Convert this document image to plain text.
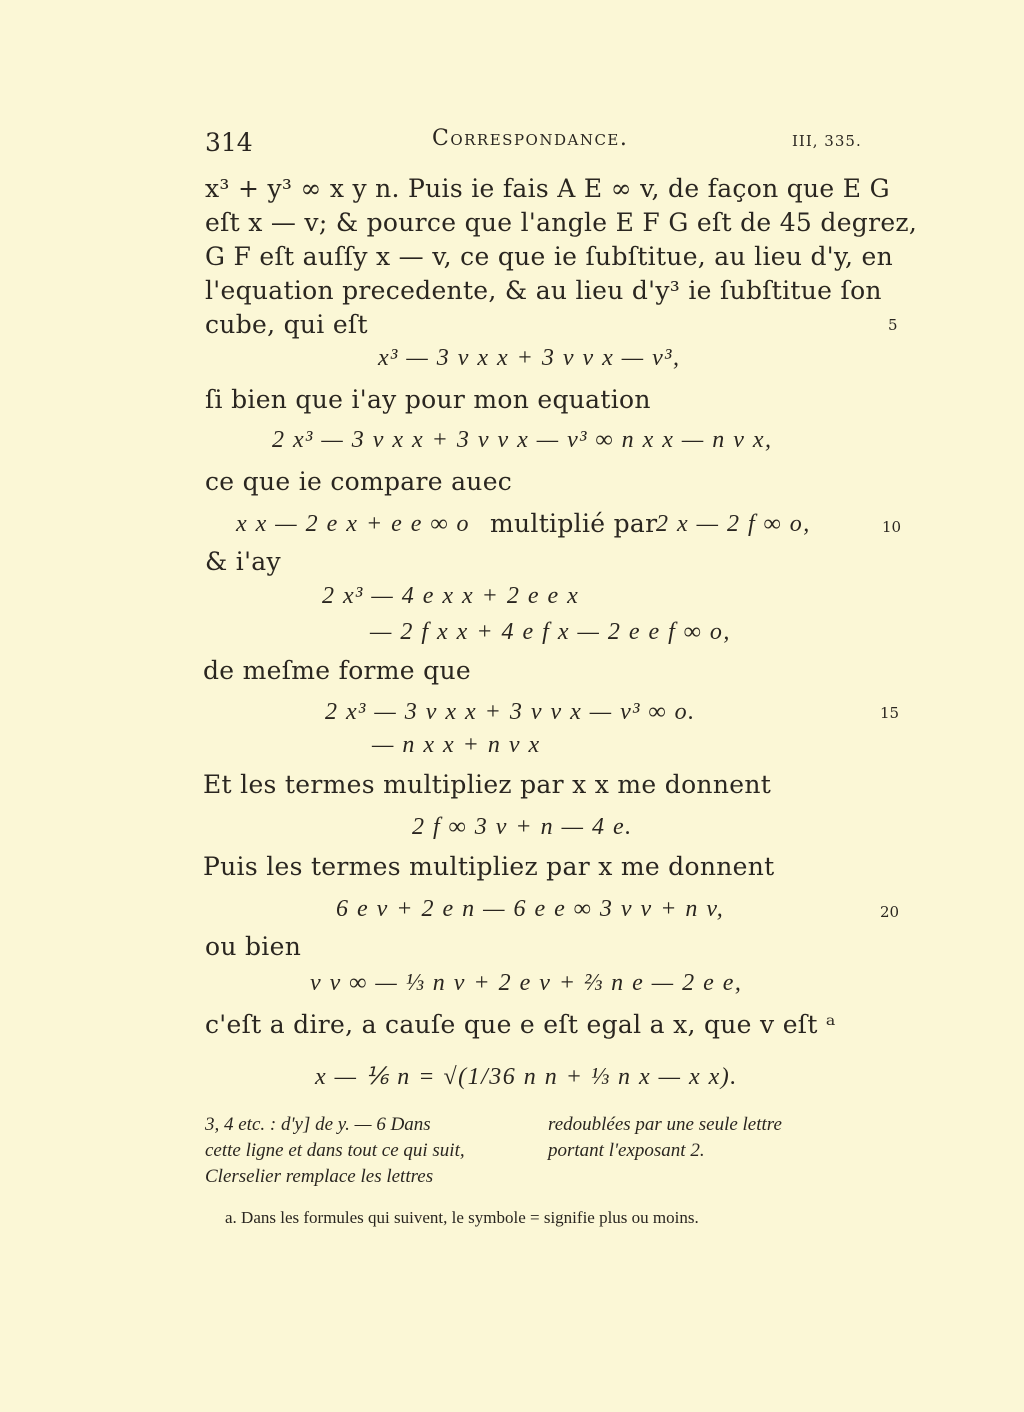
314	Correspondance.	III, 335.
x³ + y³ ∞ x y n. Puis ie fais A E ∞ v, de façon que E G
eſt x — v; & pource que l'angle E F G eſt de 45 degrez,
G F eſt auſſy x — v, ce que ie ſubſtitue, au lieu d'y, en
l'equation precedente, & au lieu d'y³ ie ſubſtitue ſon
cube, qui eſt	5
x³ — 3 v x x + 3 v v x — v³,
ſi bien que i'ay pour mon equation
2 x³ — 3 v x x + 3 v v x — v³ ∞ n x x — n v x,
ce que ie compare auec
x x — 2 e x + e e ∞ o multiplié par
2 x — 2 f ∞ o,	10
& i'ay
2 x³ — 4 e x x + 2 e e x
— 2 f x x + 4 e f x — 2 e e f ∞ o,
de meſme forme que
2 x³ — 3 v x x + 3 v v x — v³ ∞ o.	15
— n x x + n v x
Et les termes multipliez par x x me donnent
2 f ∞ 3 v + n — 4 e.
Puis les termes multipliez par x me donnent
6 e v + 2 e n — 6 e e ∞ 3 v v + n v,	20
ou bien
v v ∞ — ⅓ n v + 2 e v + ⅔ n e — 2 e e,
c'eſt a dire, a cauſe que e eſt egal a x, que v eſt ᵃ
x — ⅙ n = √(1/36 n n + ⅓ n x — x x).
3, 4 etc. : d'y] de y. — 6 Dans
cette ligne et dans tout ce qui suit,
Clerselier remplace les lettres
redoublées par une seule lettre
portant l'exposant 2.
a. Dans les formules qui suivent, le symbole = signifie plus ou moins.
